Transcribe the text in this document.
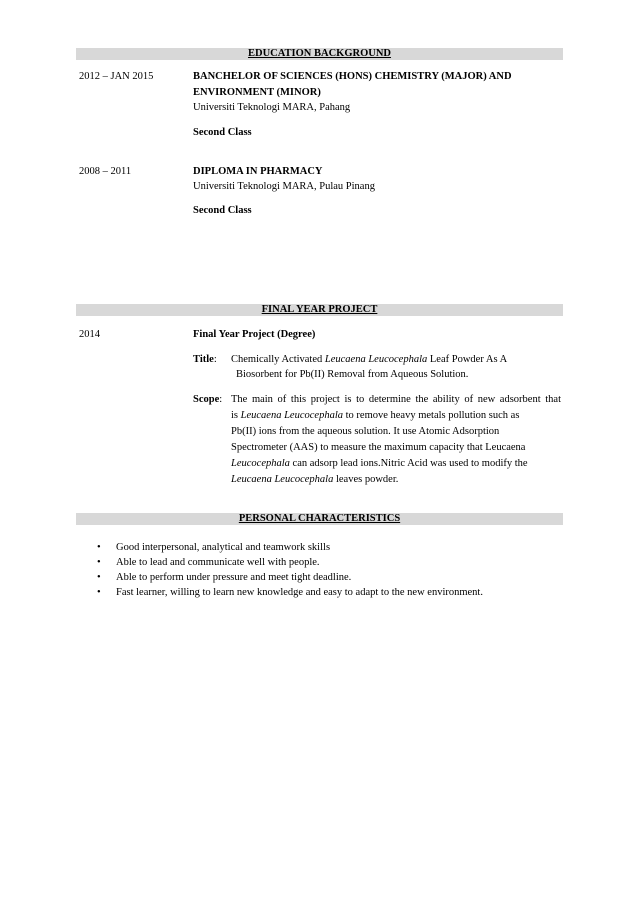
EDUCATION BACKGROUND
2012 – JAN 2015	BANCHELOR OF SCIENCES (HONS) CHEMISTRY (MAJOR) AND
ENVIRONMENT (MINOR)
Universiti Teknologi MARA, Pahang
Second Class
2008 – 2011	DIPLOMA IN PHARMACY
Universiti Teknologi MARA, Pulau Pinang
Second Class
FINAL YEAR PROJECT
2014	Final Year Project (Degree)
Title: Chemically Activated Leucaena Leucocephala Leaf Powder As A
Biosorbent for Pb(II) Removal from Aqueous Solution.
Scope: The main of this project is to determine the ability of new adsorbent that
is Leucaena Leucocephala to remove heavy metals pollution such as
Pb(II) ions from the aqueous solution. It use Atomic Adsorption
Spectrometer (AAS) to measure the maximum capacity that Leucaena
Leucocephala can adsorp lead ions.Nitric Acid was used to modify the
Leucaena Leucocephala leaves powder.
PERSONAL CHARACTERISTICS
• Good interpersonal, analytical and teamwork skills
• Able to lead and communicate well with people.
• Able to perform under pressure and meet tight deadline.
• Fast learner, willing to learn new knowledge and easy to adapt to the new environment.
